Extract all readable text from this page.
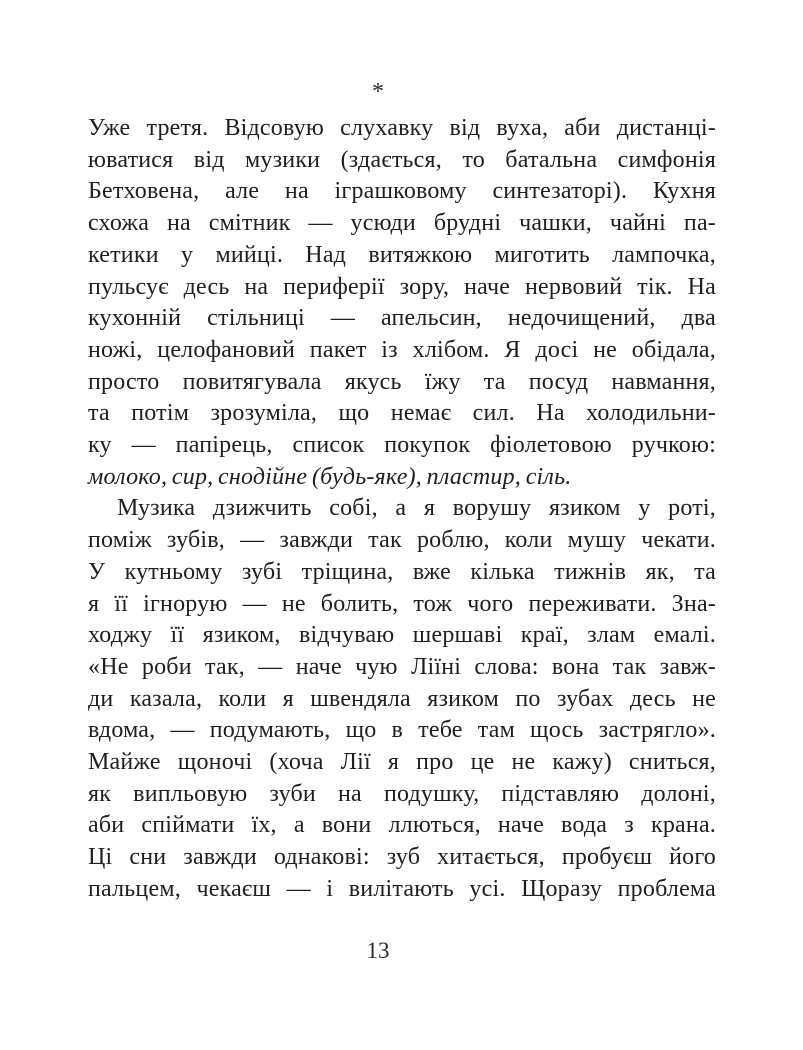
*
Уже третя. Відсовую слухавку від вуха, аби дистанці-
юватися від музики (здається, то батальна симфонія
Бетховена, але на іграшковому синтезаторі). Кухня
схожа на смітник — усюди брудні чашки, чайні па-
кетики у мийці. Над витяжкою миготить лампочка,
пульсує десь на периферії зору, наче нервовий тік. На
кухонній стільниці — апельсин, недочищений, два
ножі, целофановий пакет із хлібом. Я досі не обідала,
просто повитягувала якусь їжу та посуд навмання,
та потім зрозуміла, що немає сил. На холодильни-
ку — папірець, список покупок фіолетовою ручкою:
молоко, сир, снодійне (будь-яке), пластир, сіль.
Музика дзижчить собі, а я ворушу язиком у роті,
поміж зубів, — завжди так роблю, коли мушу чекати.
У кутньому зубі тріщина, вже кілька тижнів як, та
я її ігнорую — не болить, тож чого переживати. Зна-
ходжу її язиком, відчуваю шершаві краї, злам емалі.
«Не роби так, — наче чую Ліїні слова: вона так завж-
ди казала, коли я швендяла язиком по зубах десь не
вдома, — подумають, що в тебе там щось застрягло».
Майже щоночі (хоча Лії я про це не кажу) сниться,
як випльовую зуби на подушку, підставляю долоні,
аби спіймати їх, а вони ллються, наче вода з крана.
Ці сни завжди однакові: зуб хитається, пробуєш його
пальцем, чекаєш — і вилітають усі. Щоразу проблема
13
